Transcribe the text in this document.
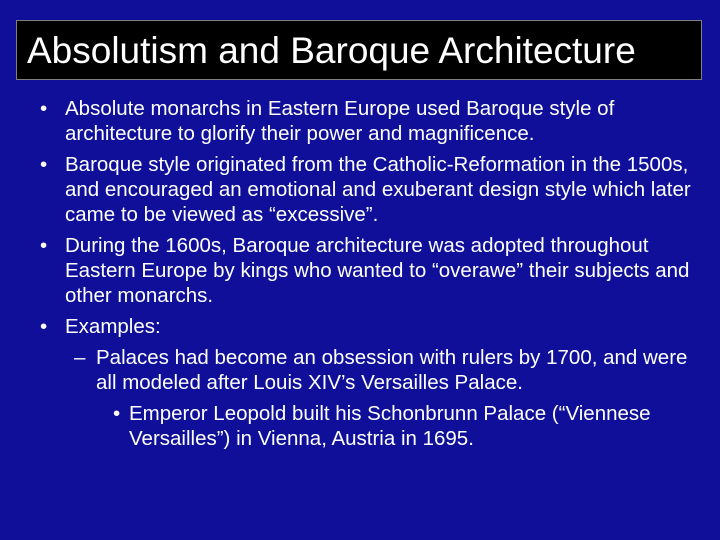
Absolutism and Baroque Architecture
• Absolute monarchs in Eastern Europe used Baroque style of architecture to glorify their power and magnificence.
• Baroque style originated from the Catholic-Reformation in the 1500s, and encouraged an emotional and exuberant design style which later came to be viewed as “excessive”.
• During the 1600s, Baroque architecture was adopted throughout Eastern Europe by kings who wanted to “overawe” their subjects and other monarchs.
• Examples:
– Palaces had become an obsession with rulers by 1700, and were all modeled after Louis XIV’s Versailles Palace.
• Emperor Leopold built his Schonbrunn Palace (“Viennese Versailles”) in Vienna, Austria in 1695.
